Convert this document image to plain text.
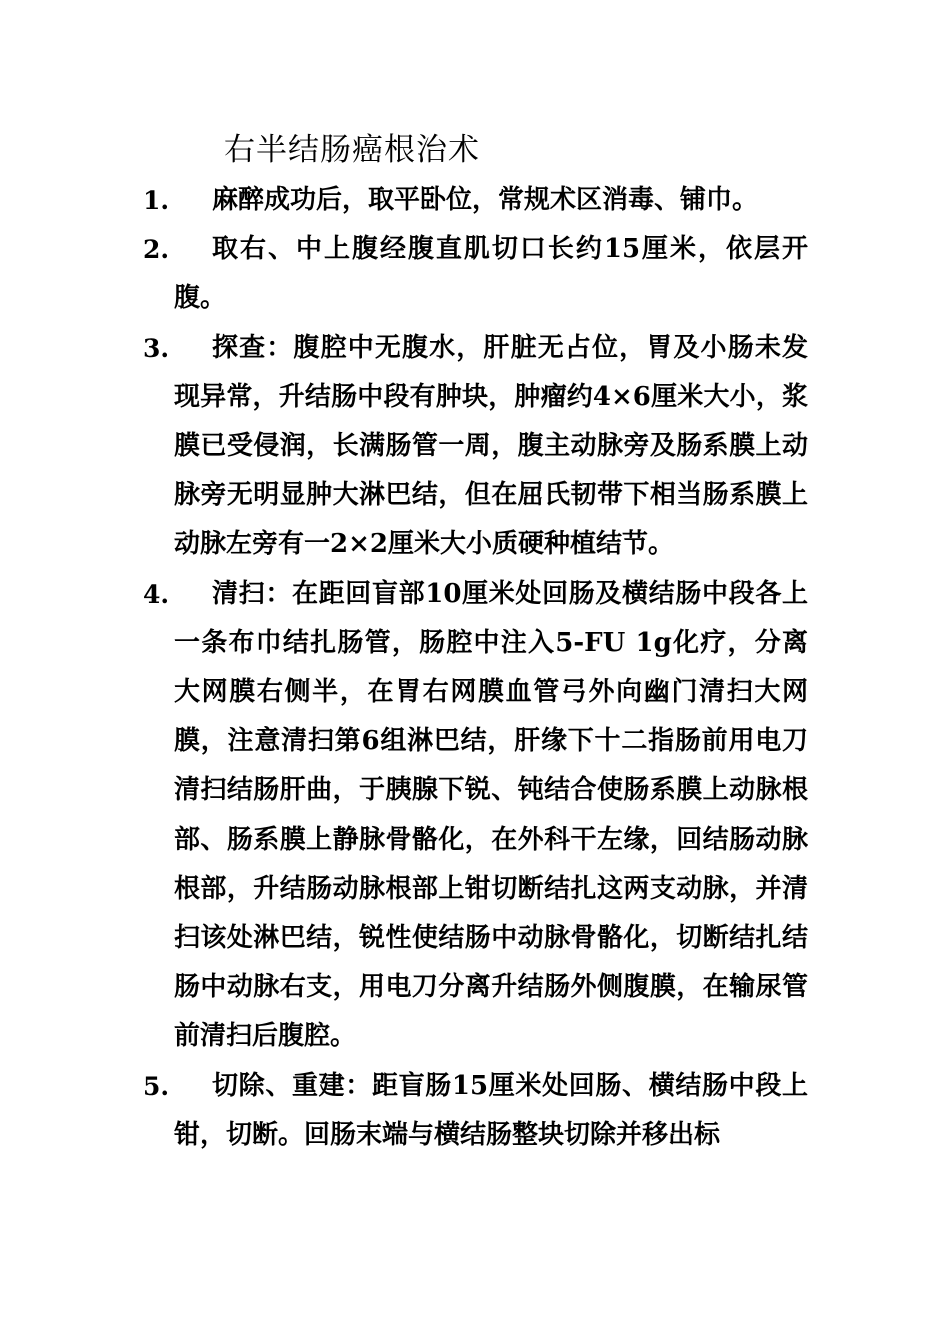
右半结肠癌根治术
1.	麻醉成功后，取平卧位，常规术区消毒、铺巾。
2.	取右、中上腹经腹直肌切口长约15厘米，依层开腹。
3.	探查：腹腔中无腹水，肝脏无占位，胃及小肠未发现异常，升结肠中段有肿块，肿瘤约4×6厘米大小，浆膜已受侵润，长满肠管一周，腹主动脉旁及肠系膜上动脉旁无明显肿大淋巴结，但在屈氏韧带下相当肠系膜上动脉左旁有一2×2厘米大小质硬种植结节。
4.	清扫：在距回盲部10厘米处回肠及横结肠中段各上一条布巾结扎肠管，肠腔中注入5-FU 1g化疗，分离大网膜右侧半，在胃右网膜血管弓外向幽门清扫大网膜，注意清扫第6组淋巴结，肝缘下十二指肠前用电刀清扫结肠肝曲，于胰腺下锐、钝结合使肠系膜上动脉根部、肠系膜上静脉骨骼化，在外科干左缘，回结肠动脉根部，升结肠动脉根部上钳切断结扎这两支动脉，并清扫该处淋巴结，锐性使结肠中动脉骨骼化，切断结扎结肠中动脉右支，用电刀分离升结肠外侧腹膜，在输尿管前清扫后腹腔。
5.	切除、重建：距盲肠15厘米处回肠、横结肠中段上钳，切断。回肠末端与横结肠整块切除并移出标
